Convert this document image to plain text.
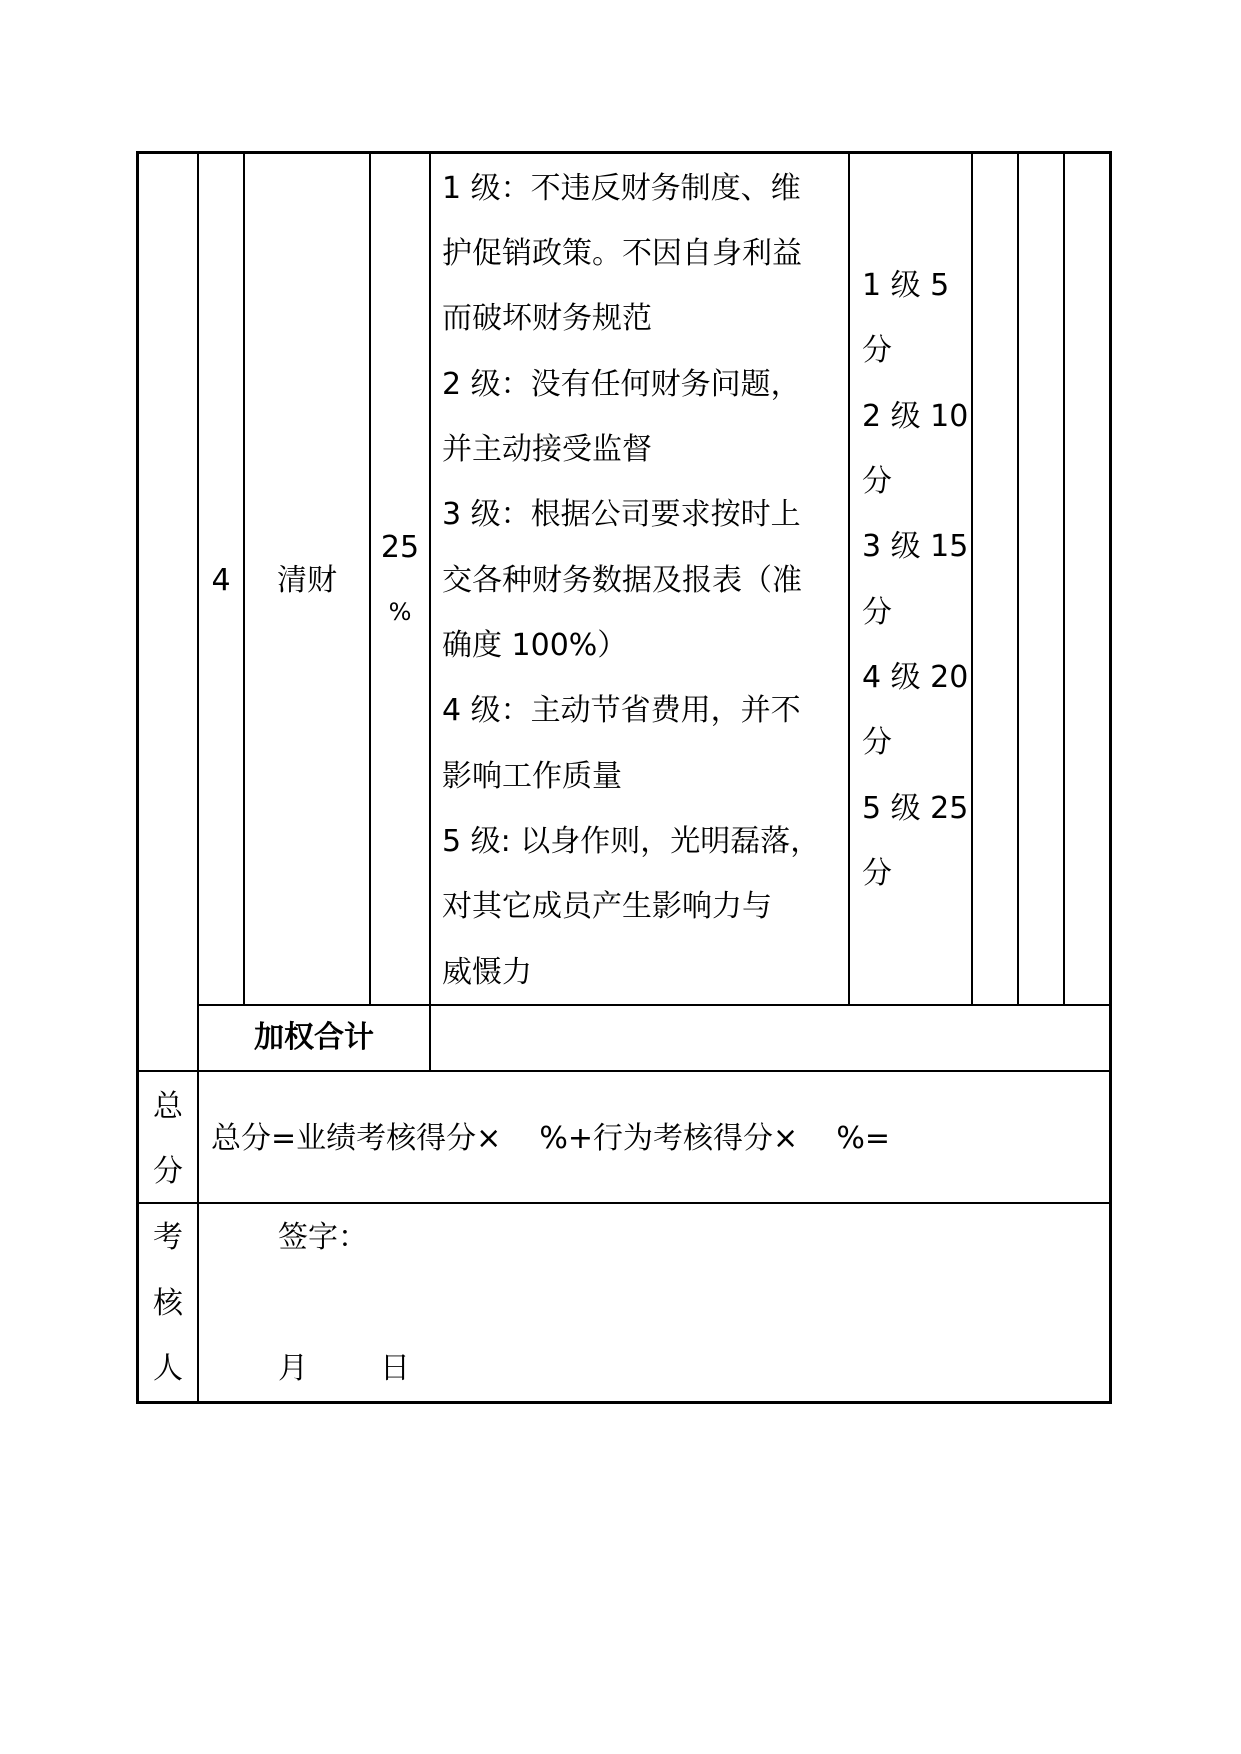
4	清财
25
%
1 级：不违反财务制度、维
护促销政策。不因自身利益
而破坏财务规范
2 级：没有任何财务问题，
并主动接受监督
3 级：根据公司要求按时上
交各种财务数据及报表（准
确度 100%）
4 级：主动节省费用，并不
影响工作质量
5 级: 以身作则，光明磊落，
对其它成员产生影响力与
威慑力
1 级 5
分
2 级 10
分
3 级 15
分
4 级 20
分
5 级 25
分
加权合计
总
分
总分=业绩考核得分×    %+行为考核得分×    %=
考
核
人
签字：
月 日
